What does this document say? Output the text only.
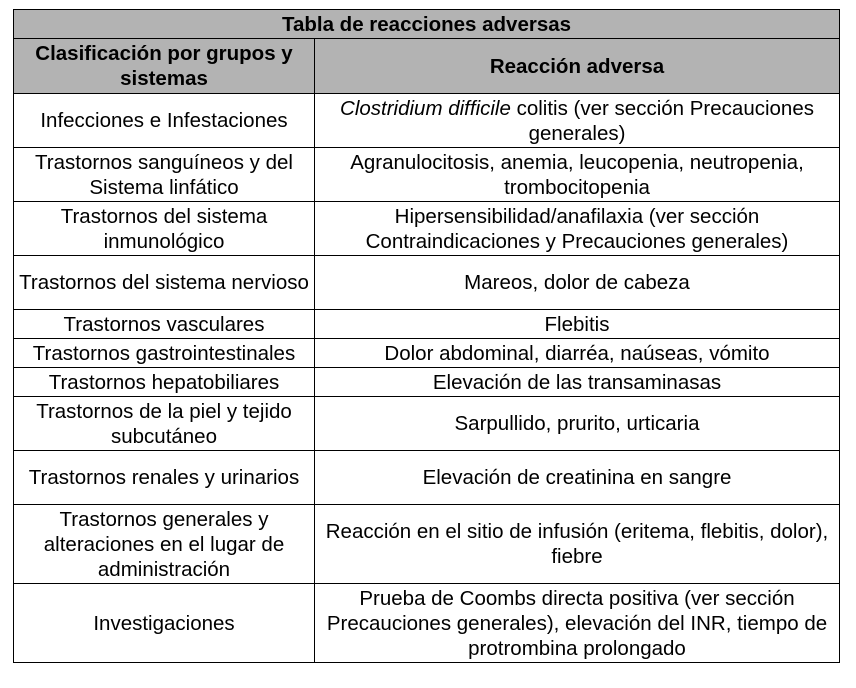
Tabla de reacciones adversas	
Clasificación por grupos y sistemas	Reacción adversa
Infecciones e Infestaciones	Clostridium difficile colitis (ver sección Precauciones generales)
Trastornos sanguíneos y del Sistema linfático	Agranulocitosis, anemia, leucopenia, neutropenia, trombocitopenia
Trastornos del sistema inmunológico	Hipersensibilidad/anafilaxia (ver sección Contraindicaciones y Precauciones generales)
Trastornos del sistema nervioso	Mareos, dolor de cabeza
Trastornos vasculares	Flebitis
Trastornos gastrointestinales	Dolor abdominal, diarréa, naúseas, vómito
Trastornos hepatobiliares	Elevación de las transaminasas
Trastornos de la piel y tejido subcutáneo	Sarpullido, prurito, urticaria
Trastornos renales y urinarios	Elevación de creatinina en sangre
Trastornos generales y alteraciones en el lugar de administración	Reacción en el sitio de infusión (eritema, flebitis, dolor), fiebre
Investigaciones	Prueba de Coombs directa positiva (ver sección Precauciones generales), elevación del INR, tiempo de protrombina prolongado
